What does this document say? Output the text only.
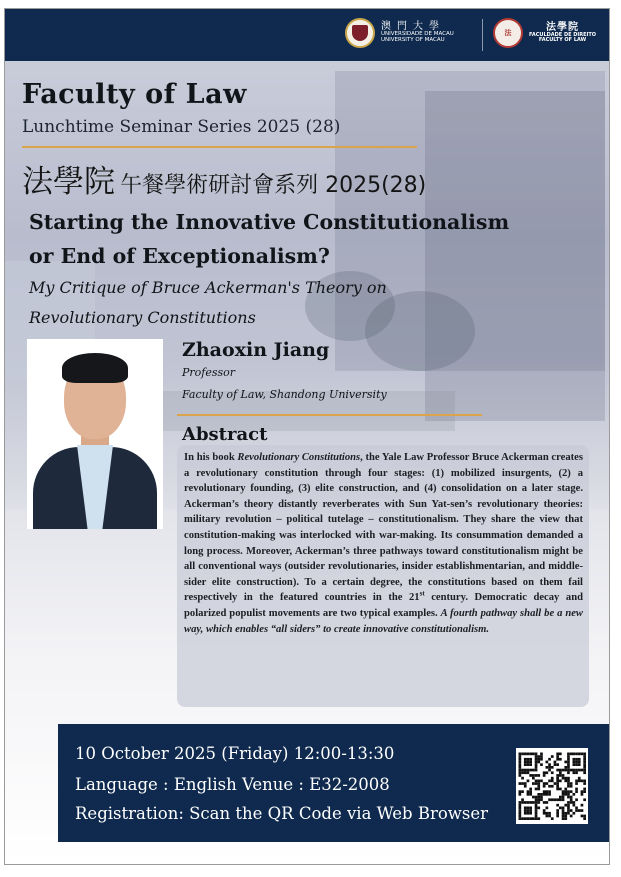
澳門大學
UNIVERSIDADE DE MACAU
UNIVERSITY OF MACAU
法
法學院
FACULDADE DE DIREITO
FACULTY OF LAW
Faculty of Law
Lunchtime Seminar Series 2025 (28)
法學院 午餐學術研討會系列 2025(28)
Starting the Innovative Constitutionalism
or End of Exceptionalism?
My Critique of Bruce Ackerman's Theory on
Revolutionary Constitutions
Zhaoxin Jiang
Professor
Faculty of Law, Shandong University
Abstract
In his book Revolutionary Constitutions, the Yale Law Professor Bruce Ackerman creates a revolutionary constitution through four stages: (1) mobilized insurgents, (2) a revolutionary founding, (3) elite construction, and (4) consolidation on a later stage. Ackerman’s theory distantly reverberates with Sun Yat-sen’s revolutionary theories: military revolution – political tutelage – constitutionalism. They share the view that constitution-making was interlocked with war-making. Its consummation demanded a long process. Moreover, Ackerman’s three pathways toward constitutionalism might be all conventional ways (outsider revolutionaries, insider establishmentarian, and middle-sider elite construction). To a certain degree, the constitutions based on them fail respectively in the featured countries in the 21st century. Democratic decay and polarized populist movements are two typical examples. A fourth pathway shall be a new way, which enables “all siders” to create innovative constitutionalism.
10 October 2025 (Friday) 12:00-13:30
Language : English Venue : E32-2008
Registration: Scan the QR Code via Web Browser
